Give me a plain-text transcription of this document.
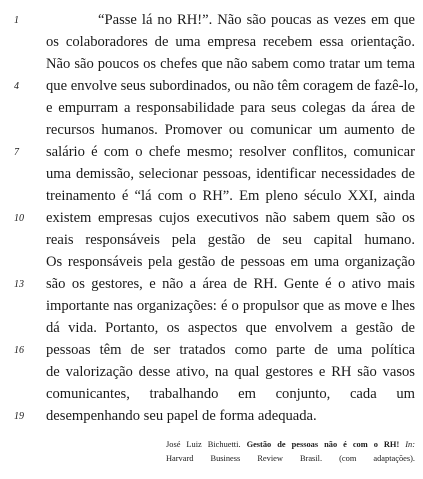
“Passe lá no RH!”. Não são poucas as vezes em que
os colaboradores de uma empresa recebem essa orientação.
Não são poucos os chefes que não sabem como tratar um tema
que envolve seus subordinados, ou não têm coragem de fazê-lo,
e empurram a responsabilidade para seus colegas da área de
recursos humanos. Promover ou comunicar um aumento de
salário é com o chefe mesmo; resolver conflitos, comunicar
uma demissão, selecionar pessoas, identificar necessidades de
treinamento é “lá com o RH”. Em pleno século XXI, ainda
existem empresas cujos executivos não sabem quem são os
reais responsáveis pela gestão de seu capital humano.
Os responsáveis pela gestão de pessoas em uma organização
são os gestores, e não a área de RH. Gente é o ativo mais
importante nas organizações: é o propulsor que as move e lhes
dá vida. Portanto, os aspectos que envolvem a gestão de
pessoas têm de ser tratados como parte de uma política
de valorização desse ativo, na qual gestores e RH são vasos
comunicantes, trabalhando em conjunto, cada um
desempenhando seu papel de forma adequada.
1
4
7
10
13
16
19
José Luiz Bichuetti. Gestão de pessoas não é com o RH! In:
Harvard Business Review Brasil. (com adaptações).
